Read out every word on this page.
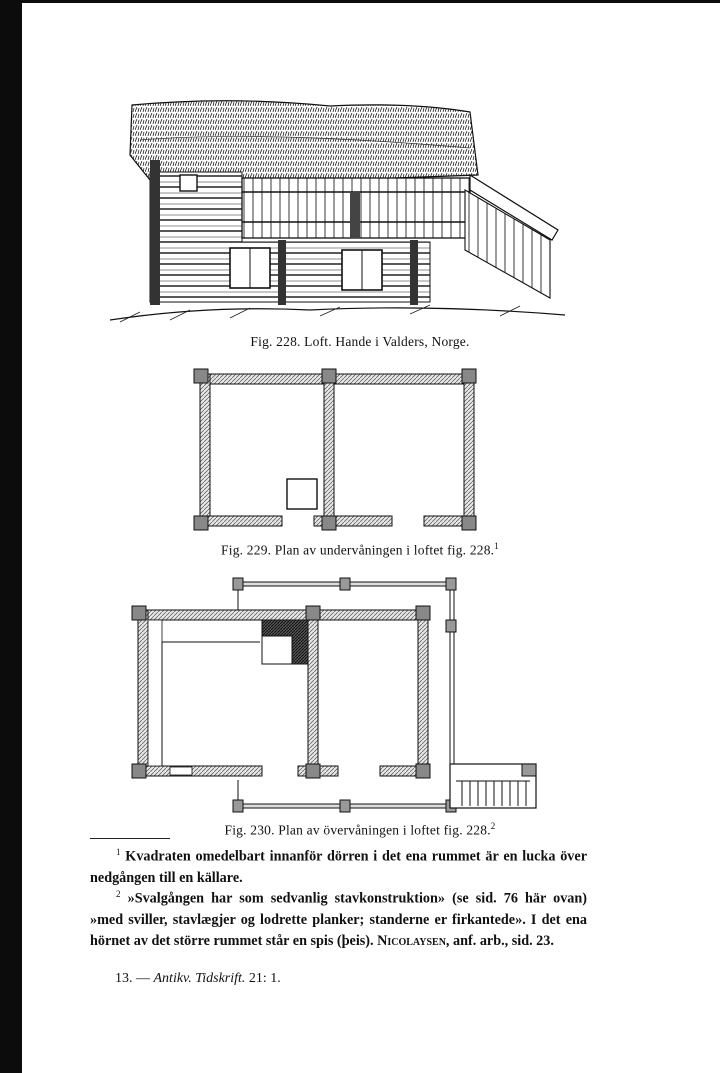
Fig. 228. Loft. Hande i Valders, Norge.
Fig. 229. Plan av undervåningen i loftet fig. 228.$^1$
Fig. 230. Plan av övervåningen i loftet fig. 228.$^2$

$^1$ Kvadraten omedelbart innanför dörren i det ena rummet är en lucka över nedgången till en källare.

$^2$ »Svalgången har som sedvanlig stavkonstruktion» (se sid. 76 här ovan) »med sviller, stavlægjer og lodrette planker; standerne er firkantede». I det ena hörnet av det större rummet står en spis (þeis). Nicolaysen, anf. arb., sid. 23.

13. — Antikv. Tidskrift. 21: 1.
